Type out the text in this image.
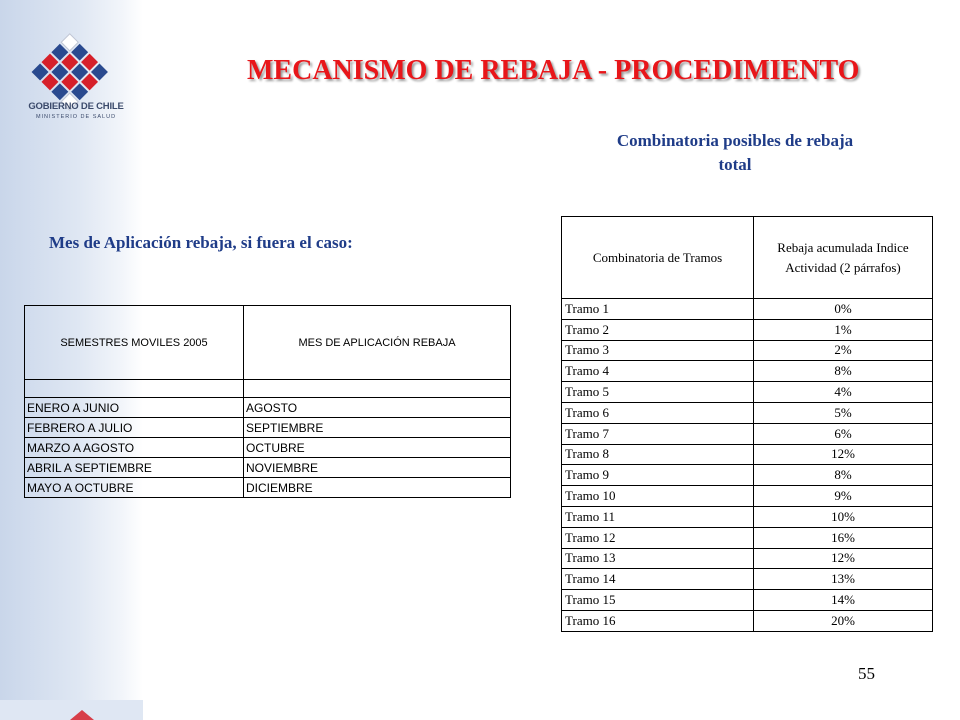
GOBIERNO DE CHILE
MINISTERIO DE SALUD
MECANISMO DE REBAJA - PROCEDIMIENTO
Combinatoria posibles de rebaja
total
Mes de Aplicación rebaja, si fuera el caso:
SEMESTRES MOVILES 2005	MES DE APLICACIÓN REBAJA

ENERO A JUNIO	AGOSTO
FEBRERO A JULIO	SEPTIEMBRE
MARZO A AGOSTO	OCTUBRE
ABRIL A SEPTIEMBRE	NOVIEMBRE
MAYO A OCTUBRE	DICIEMBRE
Combinatoria de Tramos	Rebaja acumulada Indice
Actividad (2 párrafos)

Tramo 1	0%
Tramo 2	1%
Tramo 3	2%
Tramo 4	8%
Tramo 5	4%
Tramo 6	5%
Tramo 7	6%
Tramo 8	12%
Tramo 9	8%
Tramo 10	9%
Tramo 11	10%
Tramo 12	16%
Tramo 13	12%
Tramo 14	13%
Tramo 15	14%
Tramo 16	20%
55
